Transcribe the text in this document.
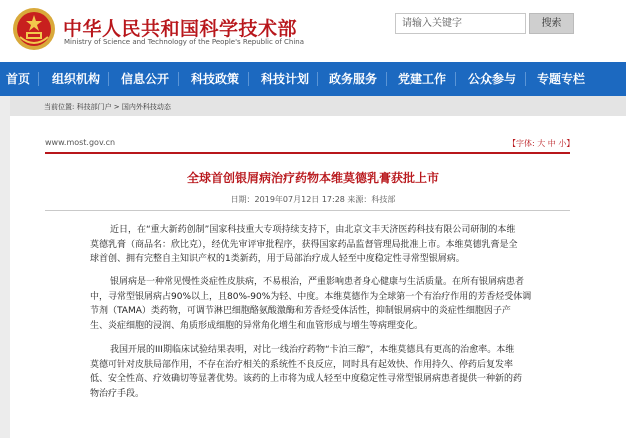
中华人民共和国科学技术部
Ministry of Science and Technology of the People's Republic of China
请输入关键字	搜索
首页 组织机构 信息公开 科技政策 科技计划 政务服务 党建工作 公众参与 专题专栏
当前位置: 科技部门户 > 国内外科技动态
www.most.gov.cn	【字体: 大 中 小】
全球首创银屑病治疗药物本维莫德乳膏获批上市
日期：2019年07月12日 17:28 来源：科技部
近日，在“重大新药创制”国家科技重大专项持续支持下，由北京文丰天济医药科技有限公司研制的本维
莫德乳膏（商品名：欣比克），经优先审评审批程序，获得国家药品监督管理局批准上市。本维莫德乳膏是全
球首创、拥有完整自主知识产权的1类新药，用于局部治疗成人轻至中度稳定性寻常型银屑病。
银屑病是一种常见慢性炎症性皮肤病，不易根治，严重影响患者身心健康与生活质量。在所有银屑病患者
中，寻常型银屑病占90%以上，且80%-90%为轻、中度。本维莫德作为全球第一个有治疗作用的芳香烃受体调
节剂（TAMA）类药物，可调节淋巴细胞酪氨酸激酶和芳香烃受体活性，抑制银屑病中的炎症性细胞因子产
生、炎症细胞的浸润、角质形成细胞的异常角化增生和血管形成与增生等病理变化。
我国开展的III期临床试验结果表明，对比一线治疗药物“卡泊三醇”，本维莫德具有更高的治愈率。本维
莫德可针对皮肤局部作用，不存在治疗相关的系统性不良反应，同时具有起效快、作用持久、停药后复发率
低、安全性高、疗效确切等显著优势。该药的上市将为成人轻至中度稳定性寻常型银屑病患者提供一种新的药
物治疗手段。
